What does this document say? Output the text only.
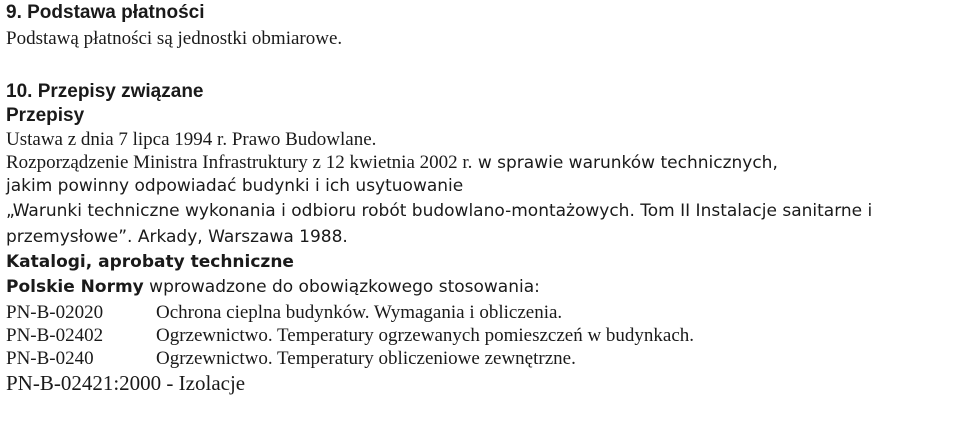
9. Podstawa płatności
Podstawą płatności są jednostki obmiarowe.
10. Przepisy związane
Przepisy
Ustawa z dnia 7 lipca 1994 r. Prawo Budowlane.
Rozporządzenie Ministra Infrastruktury z 12 kwietnia 2002 r. w sprawie warunków technicznych,
jakim powinny odpowiadać budynki i ich usytuowanie
„Warunki techniczne wykonania i odbioru robót budowlano-montażowych. Tom II Instalacje sanitarne i przemysłowe”. Arkady, Warszawa 1988.
Katalogi, aprobaty techniczne
Polskie Normy wprowadzone do obowiązkowego stosowania:
PN-B-02020	Ochrona cieplna budynków. Wymagania i obliczenia.
PN-B-02402	Ogrzewnictwo. Temperatury ogrzewanych pomieszczeń w budynkach.
PN-B-0240	Ogrzewnictwo. Temperatury obliczeniowe zewnętrzne.
PN-B-02421:2000 - Izolacje
